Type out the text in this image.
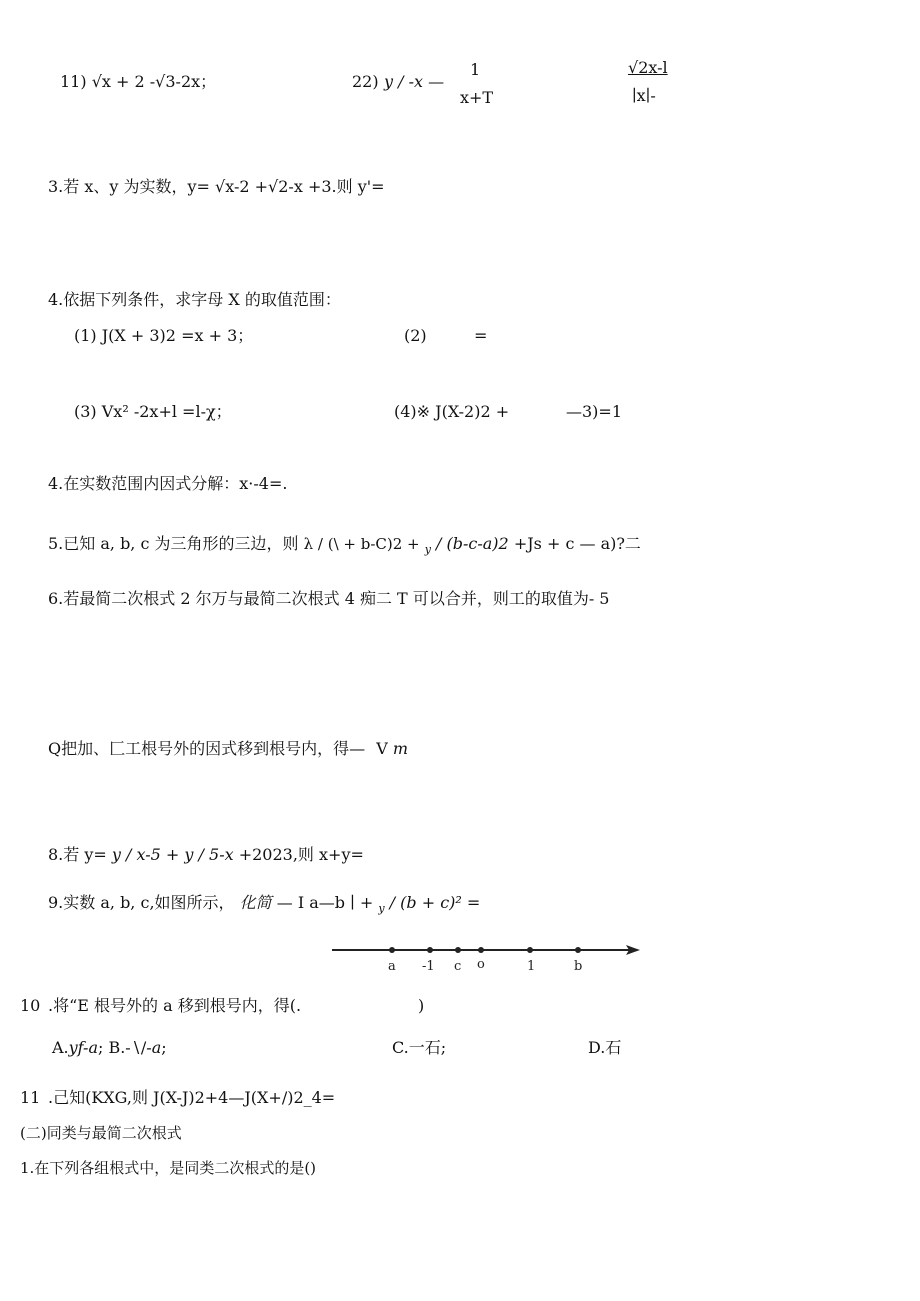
11) √x + 2 -√3-2x；	22) y / -x —
1
x+T
√2x-l
∣x∣-
3.若 x、y 为实数，y= √x-2 +√2-x +3.则 y'=
4.依据下列条件，求字母 X 的取值范围：
(1) J(X + 3)2 =x + 3；	(2)	=
(3) Vx² -2x+l =l-χ；	(4)※ J(X-2)2 +	—3)=1
4.在实数范围内因式分解：x·-4=.
5.已知 a, b, c 为三角形的三边，则 λ / (\ + b-C)2 + $_y$ / (b-c-a)2 +Js + c — a)?二
6.若最简二次根式 2 尔万与最简二次根式 4 痴二 T 可以合并，则工的取值为- 5
Q把加、匚工根号外的因式移到根号内，得— V m
8.若 y= y / x-5 + y / 5-x +2023,则 x+y=
9.实数 a, b, c,如图所示， 化简 — I a—b ∣ + $_y$ / (b + c)² =
a -1 c o	1	b
10 .将“E 根号外的 a 移到根号内，得(.	)
A.yf-a; B.-∖/-a;	C.一石;	D.石
11 .己知(KXG,则 J(X-J)2+4—J(X+/)2_4=
(二)同类与最简二次根式
1.在下列各组根式中，是同类二次根式的是()
